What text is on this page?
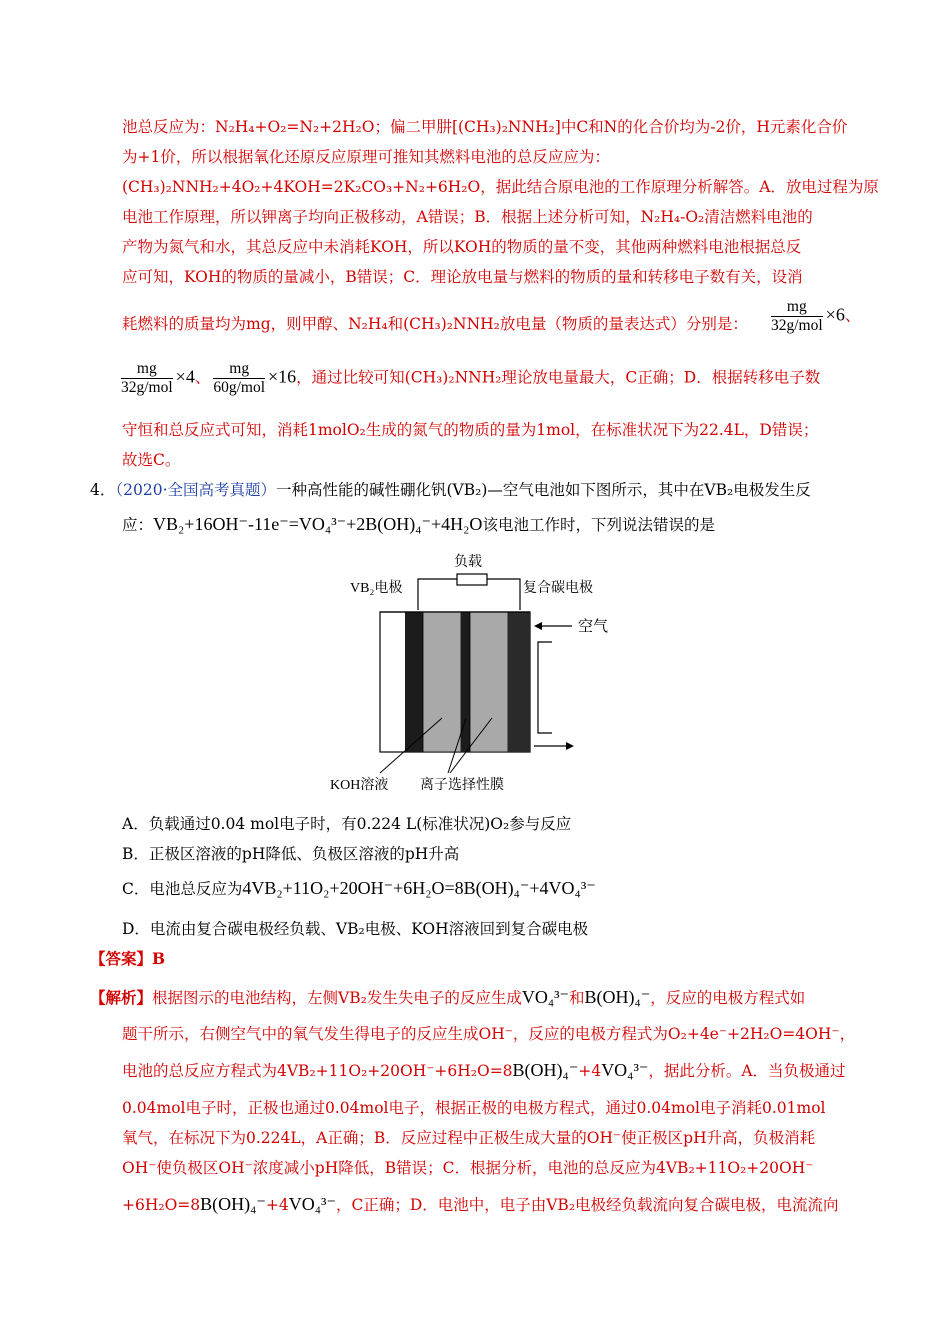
池总反应为：N₂H₄+O₂=N₂+2H₂O；偏二甲肼[(CH₃)₂NNH₂]中C和N的化合价均为-2价，H元素化合价
为+1价，所以根据氧化还原反应原理可推知其燃料电池的总反应应为：
(CH₃)₂NNH₂+4O₂+4KOH=2K₂CO₃+N₂+6H₂O，据此结合原电池的工作原理分析解答。A．放电过程为原
电池工作原理，所以钾离子均向正极移动，A错误；B．根据上述分析可知，N₂H₄-O₂清洁燃料电池的
产物为氮气和水，其总反应中未消耗KOH，所以KOH的物质的量不变，其他两种燃料电池根据总反
应可知，KOH的物质的量减小，B错误；C．理论放电量与燃料的物质的量和转移电子数有关，设消
耗燃料的质量均为mg，则甲醇、N₂H₄和(CH₃)₂NNH₂放电量（物质的量表达式）分别是： $\frac{mg}{\text{32g/mol}} \times 6$、
$\frac{mg}{\text{32g/mol}} \times 4$、 $\frac{mg}{\text{60g/mol}} \times 16$，通过比较可知(CH₃)₂NNH₂理论放电量最大，C正确；D．根据转移电子数
守恒和总反应式可知，消耗1molO₂生成的氮气的物质的量为1mol，在标准状况下为22.4L，D错误；
故选C。
4．（2020·全国高考真题）一种高性能的碱性硼化钒(VB₂)—空气电池如下图所示，其中在VB₂电极发生反
应：VB₂+16OH⁻-11e⁻=VO₄³⁻+2B(OH)₄⁻+4H₂O该电池工作时，下列说法错误的是
负载
VB₂电极	复合碳电极
空气
KOH溶液 离子选择性膜
A．负载通过0.04 mol电子时，有0.224 L(标准状况)O₂参与反应
B．正极区溶液的pH降低、负极区溶液的pH升高
C．电池总反应为4VB₂+11O₂+20OH⁻+6H₂O=8B(OH)₄⁻+4VO₄³⁻
D．电流由复合碳电极经负载、VB₂电极、KOH溶液回到复合碳电极
【答案】B
【解析】根据图示的电池结构，左侧VB₂发生失电子的反应生成VO₄³⁻和B(OH)₄⁻，反应的电极方程式如
题干所示，右侧空气中的氧气发生得电子的反应生成OH⁻，反应的电极方程式为O₂+4e⁻+2H₂O=4OH⁻，
电池的总反应方程式为4VB₂+11O₂+20OH⁻+6H₂O=8B(OH)₄⁻+4VO₄³⁻，据此分析。A．当负极通过
0.04mol电子时，正极也通过0.04mol电子，根据正极的电极方程式，通过0.04mol电子消耗0.01mol
氧气，在标况下为0.224L，A正确；B．反应过程中正极生成大量的OH⁻使正极区pH升高，负极消耗
OH⁻使负极区OH⁻浓度减小pH降低，B错误；C．根据分析，电池的总反应为4VB₂+11O₂+20OH⁻
+6H₂O=8B(OH)₄⁻+4VO₄³⁻，C正确；D．电池中，电子由VB₂电极经负载流向复合碳电极，电流流向
